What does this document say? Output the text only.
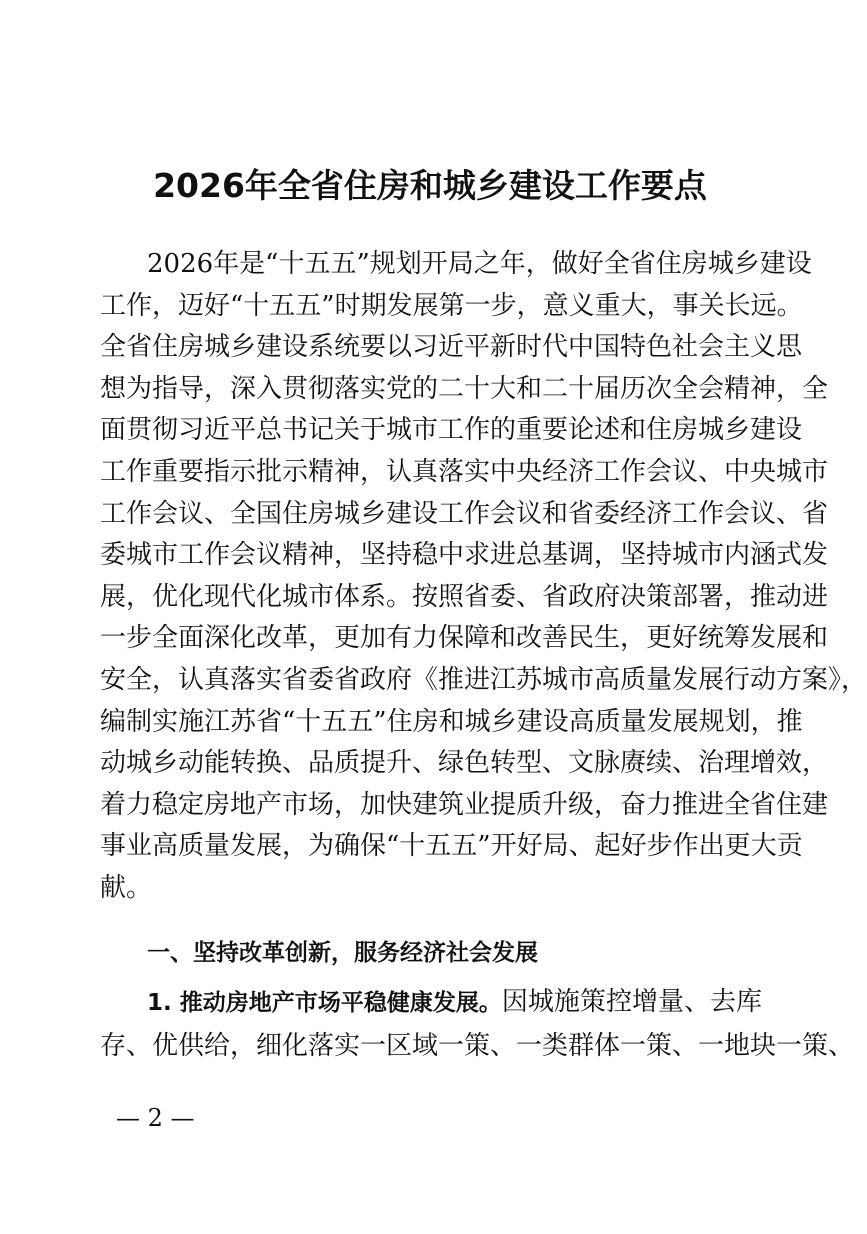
2026年全省住房和城乡建设工作要点
2026年是“十五五”规划开局之年，做好全省住房城乡建设
工作，迈好“十五五”时期发展第一步，意义重大，事关长远。
全省住房城乡建设系统要以习近平新时代中国特色社会主义思
想为指导，深入贯彻落实党的二十大和二十届历次全会精神，全
面贯彻习近平总书记关于城市工作的重要论述和住房城乡建设
工作重要指示批示精神，认真落实中央经济工作会议、中央城市
工作会议、全国住房城乡建设工作会议和省委经济工作会议、省
委城市工作会议精神，坚持稳中求进总基调，坚持城市内涵式发
展，优化现代化城市体系。按照省委、省政府决策部署，推动进
一步全面深化改革，更加有力保障和改善民生，更好统筹发展和
安全，认真落实省委省政府《推进江苏城市高质量发展行动方案》，
编制实施江苏省“十五五”住房和城乡建设高质量发展规划，推
动城乡动能转换、品质提升、绿色转型、文脉赓续、治理增效，
着力稳定房地产市场，加快建筑业提质升级，奋力推进全省住建
事业高质量发展，为确保“十五五”开好局、起好步作出更大贡
献。
一、坚持改革创新，服务经济社会发展
1. 推动房地产市场平稳健康发展。因城施策控增量、去库
存、优供给，细化落实一区域一策、一类群体一策、一地块一策、
— 2 —
